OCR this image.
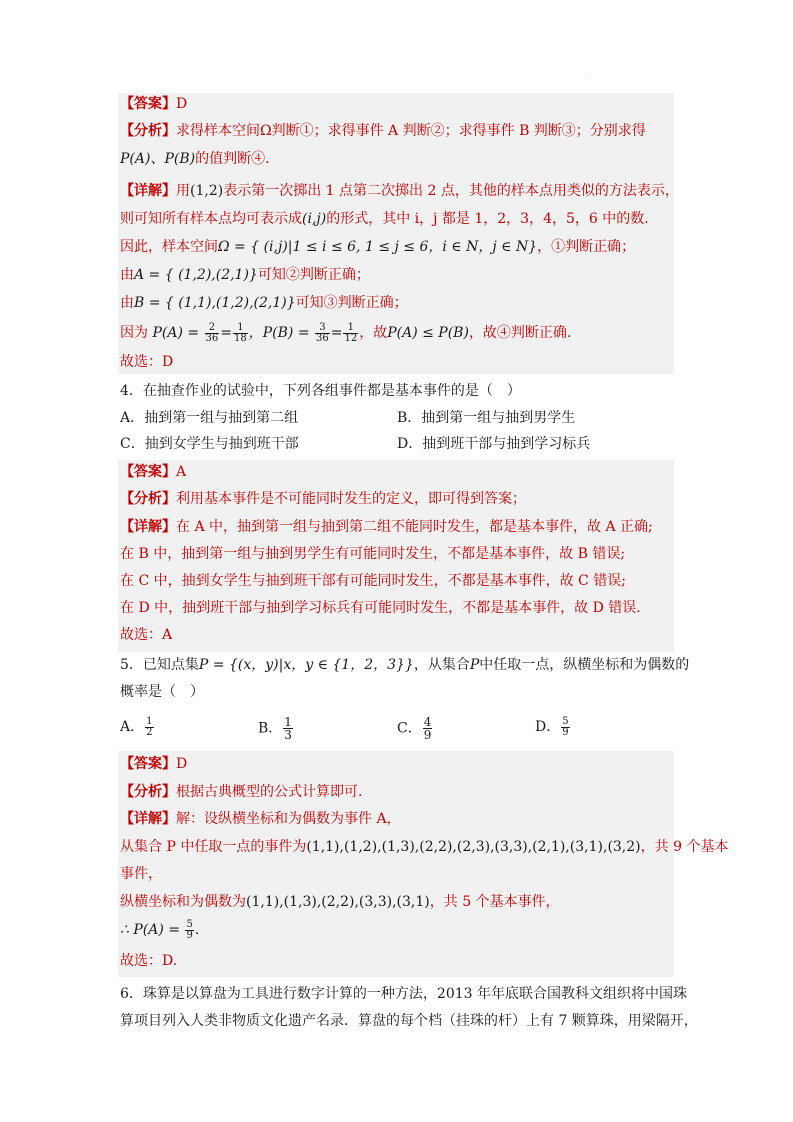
.
【答案】D
【分析】求得样本空间Ω判断①；求得事件 A 判断②；求得事件 B 判断③；分别求得
P(A)、P(B)的值判断④.
【详解】用(1,2)表示第一次掷出 1 点第二次掷出 2 点，其他的样本点用类似的方法表示，
则可知所有样本点均可表示成(i,j)的形式，其中 i，j 都是 1，2，3，4，5，6 中的数.
因此，样本空间Ω = { (i,j)|1 ≤ i ≤ 6, 1 ≤ j ≤ 6，i ∈ N，j ∈ N}，①判断正确；
由A = { (1,2),(2,1)}可知②判断正确；
由B = { (1,1),(1,2),(2,1)}可知③判断正确；
因为 $P(A) = \frac{2}{36} = \frac{1}{18}$ ，$P(B) = \frac{3}{36} = \frac{1}{12}$ ，故P(A) ≤ P(B)，故④判断正确.
故选：D
4．在抽查作业的试验中，下列各组事件都是基本事件的是（　）
A．抽到第一组与抽到第二组	B．抽到第一组与抽到男学生
C．抽到女学生与抽到班干部	D．抽到班干部与抽到学习标兵
【答案】A
【分析】利用基本事件是不可能同时发生的定义，即可得到答案；
【详解】在 A 中，抽到第一组与抽到第二组不能同时发生，都是基本事件，故 A 正确;
在 B 中，抽到第一组与抽到男学生有可能同时发生，不都是基本事件，故 B 错误;
在 C 中，抽到女学生与抽到班干部有可能同时发生，不都是基本事件，故 C 错误;
在 D 中，抽到班干部与抽到学习标兵有可能同时发生，不都是基本事件，故 D 错误.
故选：A
5．已知点集P = {(x，y)|x，y ∈ {1，2，3}}，从集合P中任取一点，纵横坐标和为偶数的
概率是（　）
A． $\frac{1}{2}$	B． $\frac{1}{3}$	C． $\frac{4}{9}$	D． $\frac{5}{9}$
【答案】D
【分析】根据古典概型的公式计算即可.
【详解】解：设纵横坐标和为偶数为事件 A，
从集合 P 中任取一点的事件为(1,1),(1,2),(1,3),(2,2),(2,3),(3,3),(2,1),(3,1),(3,2)，共 9 个基本
事件，
纵横坐标和为偶数为(1,1),(1,3),(2,2),(3,3),(3,1)，共 5 个基本事件，
∴ $P(A) = \frac{5}{9}$ .
故选：D.
6．珠算是以算盘为工具进行数字计算的一种方法，2013 年年底联合国教科文组织将中国珠
算项目列入人类非物质文化遗产名录．算盘的每个档（挂珠的杆）上有 7 颗算珠，用梁隔开，
